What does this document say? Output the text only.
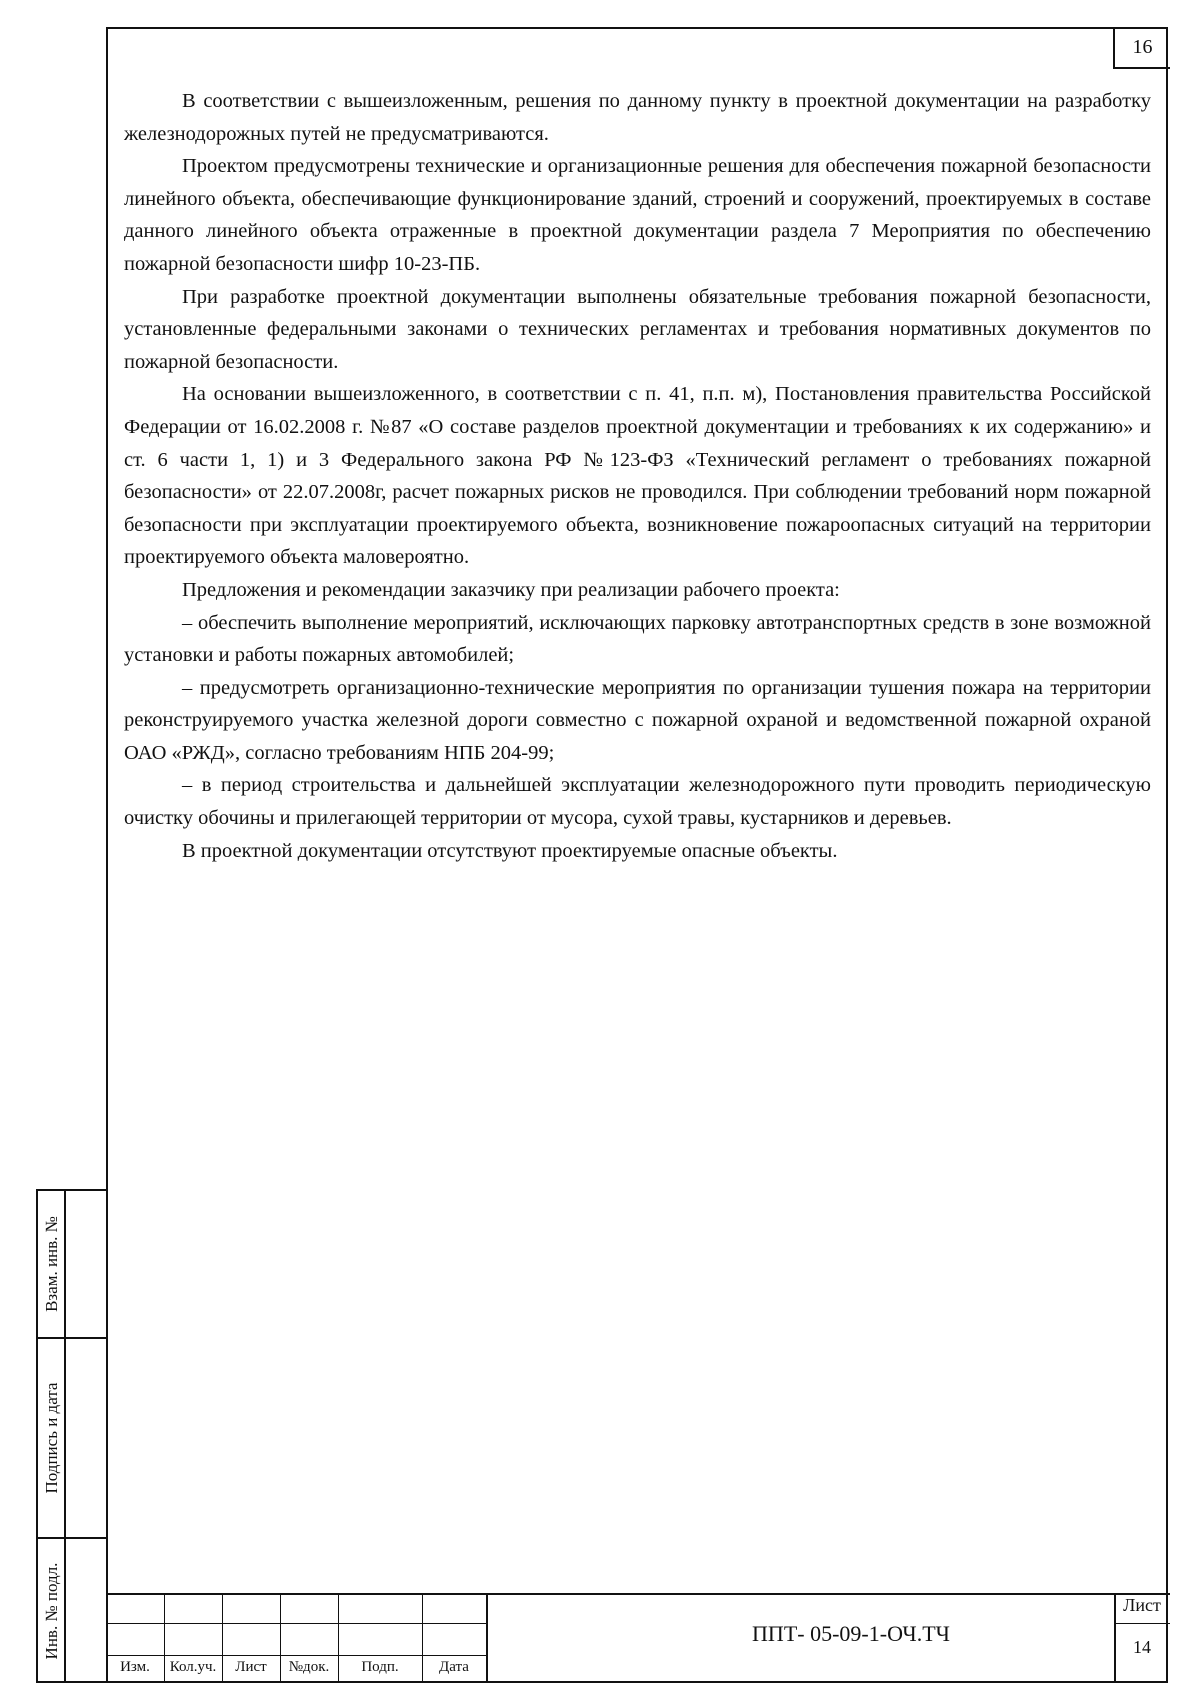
16

В соответствии с вышеизложенным, решения по данному пункту в проектной документации на разработку железнодорожных путей не предусматриваются.

Проектом предусмотрены технические и организационные решения для обеспечения пожарной безопасности линейного объекта, обеспечивающие функционирование зданий, строений и сооружений, проектируемых в составе данного линейного объекта отраженные в проектной документации раздела 7 Мероприятия по обеспечению пожарной безопасности шифр 10-23-ПБ.

При разработке проектной документации выполнены обязательные требования пожарной безопасности, установленные федеральными законами о технических регламентах и требования нормативных документов по пожарной безопасности.

На основании вышеизложенного, в соответствии с п. 41, п.п. м), Постановления правительства Российской Федерации от 16.02.2008 г. №87 «О составе разделов проектной документации и требованиях к их содержанию» и ст. 6 части 1, 1) и 3 Федерального закона РФ №123-ФЗ «Технический регламент о требованиях пожарной безопасности» от 22.07.2008г, расчет пожарных рисков не проводился. При соблюдении требований норм пожарной безопасности при эксплуатации проектируемого объекта, возникновение пожароопасных ситуаций на территории проектируемого объекта маловероятно.

Предложения и рекомендации заказчику при реализации рабочего проекта:

– обеспечить выполнение мероприятий, исключающих парковку автотранспортных средств в зоне возможной установки и работы пожарных автомобилей;

– предусмотреть организационно-технические мероприятия по организации тушения пожара на территории реконструируемого участка железной дороги совместно с пожарной охраной и ведомственной пожарной охраной ОАО «РЖД», согласно требованиям НПБ 204-99;

– в период строительства и дальнейшей эксплуатации железнодорожного пути проводить периодическую очистку обочины и прилегающей территории от мусора, сухой травы, кустарников и деревьев.

В проектной документации отсутствуют проектируемые опасные объекты.

Взам. инв. №
Подпись и дата
Инв. № подл.
Изм.	Кол.уч.	Лист	№док.	Подп.	Дата
ППТ- 05-09-1-ОЧ.ТЧ
Лист
14
